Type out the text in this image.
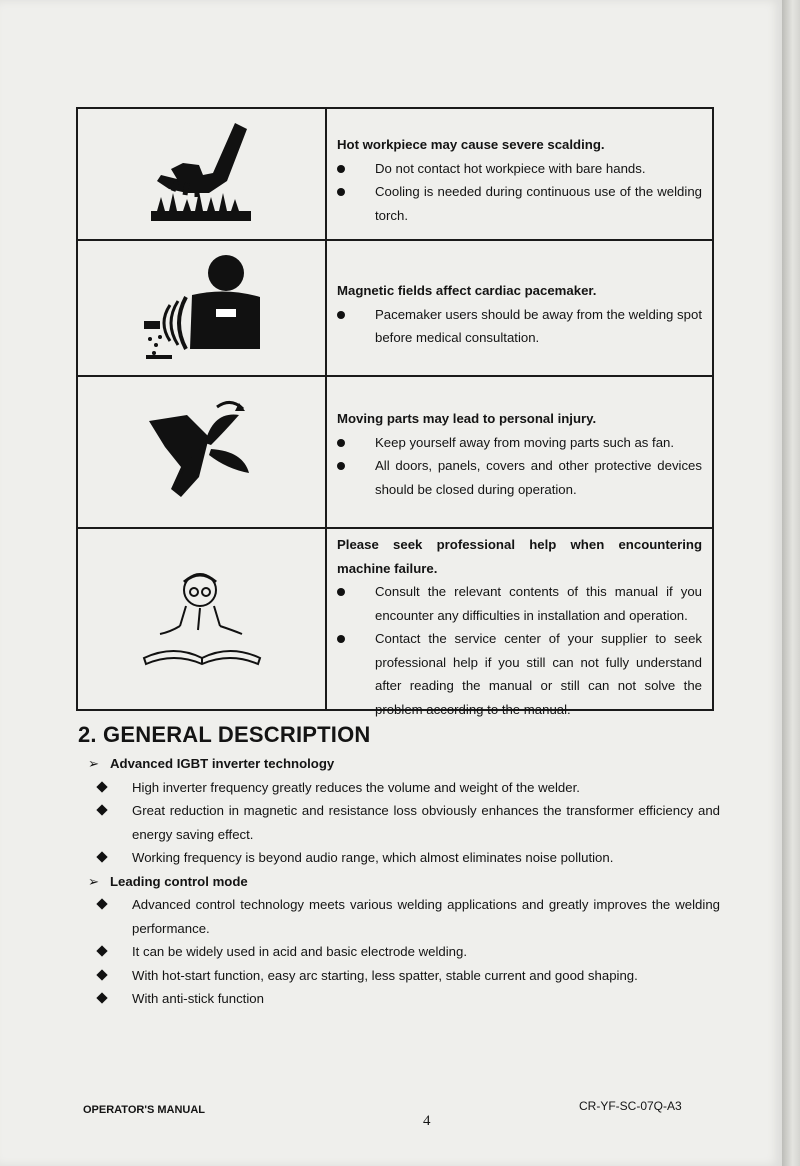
Hot workpiece may cause severe scalding.

Do not contact hot workpiece with bare hands.
Cooling is needed during continuous use of the welding torch.

Magnetic fields affect cardiac pacemaker.

Pacemaker users should be away from the welding spot before medical consultation.

Moving parts may lead to personal injury.

Keep yourself away from moving parts such as fan.
All doors, panels, covers and other protective devices should be closed during operation.

Please seek professional help when encountering machine failure.

Consult the relevant contents of this manual if you encounter any difficulties in installation and operation.
Contact the service center of your supplier to seek professional help if you still can not fully understand after reading the manual or still can not solve the problem according to the manual.
2. GENERAL DESCRIPTION
➢ Advanced IGBT inverter technology
High inverter frequency greatly reduces the volume and weight of the welder.
Great reduction in magnetic and resistance loss obviously enhances the transformer efficiency and energy saving effect.
Working frequency is beyond audio range, which almost eliminates noise pollution.
➢ Leading control mode
Advanced control technology meets various welding applications and greatly improves the welding performance.
It can be widely used in acid and basic electrode welding.
With hot-start function, easy arc starting, less spatter, stable current and good shaping.
With anti-stick function
OPERATOR'S MANUAL
4
CR-YF-SC-07Q-A3
